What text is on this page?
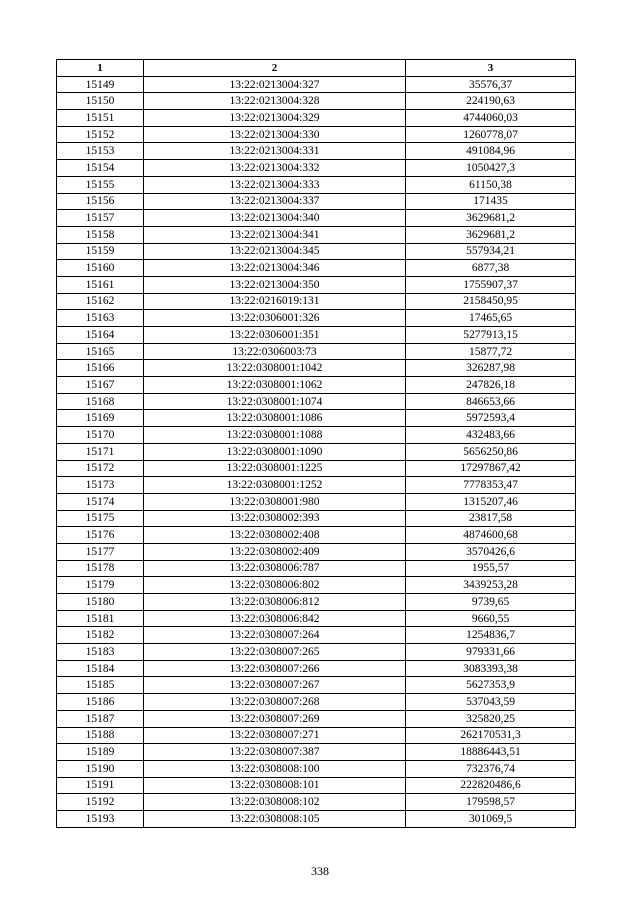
1	2	3
15149	13:22:0213004:327	35576,37
15150	13:22:0213004:328	224190,63
15151	13:22:0213004:329	4744060,03
15152	13:22:0213004:330	1260778,07
15153	13:22:0213004:331	491084,96
15154	13:22:0213004:332	1050427,3
15155	13:22:0213004:333	61150,38
15156	13:22:0213004:337	171435
15157	13:22:0213004:340	3629681,2
15158	13:22:0213004:341	3629681,2
15159	13:22:0213004:345	557934,21
15160	13:22:0213004:346	6877,38
15161	13:22:0213004:350	1755907,37
15162	13:22:0216019:131	2158450,95
15163	13:22:0306001:326	17465,65
15164	13:22:0306001:351	5277913,15
15165	13:22:0306003:73	15877,72
15166	13:22:0308001:1042	326287,98
15167	13:22:0308001:1062	247826,18
15168	13:22:0308001:1074	846653,66
15169	13:22:0308001:1086	5972593,4
15170	13:22:0308001:1088	432483,66
15171	13:22:0308001:1090	5656250,86
15172	13:22:0308001:1225	17297867,42
15173	13:22:0308001:1252	7778353,47
15174	13:22:0308001:980	1315207,46
15175	13:22:0308002:393	23817,58
15176	13:22:0308002:408	4874600,68
15177	13:22:0308002:409	3570426,6
15178	13:22:0308006:787	1955,57
15179	13:22:0308006:802	3439253,28
15180	13:22:0308006:812	9739,65
15181	13:22:0308006:842	9660,55
15182	13:22:0308007:264	1254836,7
15183	13:22:0308007:265	979331,66
15184	13:22:0308007:266	3083393,38
15185	13:22:0308007:267	5627353,9
15186	13:22:0308007:268	537043,59
15187	13:22:0308007:269	325820,25
15188	13:22:0308007:271	262170531,3
15189	13:22:0308007:387	18886443,51
15190	13:22:0308008:100	732376,74
15191	13:22:0308008:101	222820486,6
15192	13:22:0308008:102	179598,57
15193	13:22:0308008:105	301069,5
338
